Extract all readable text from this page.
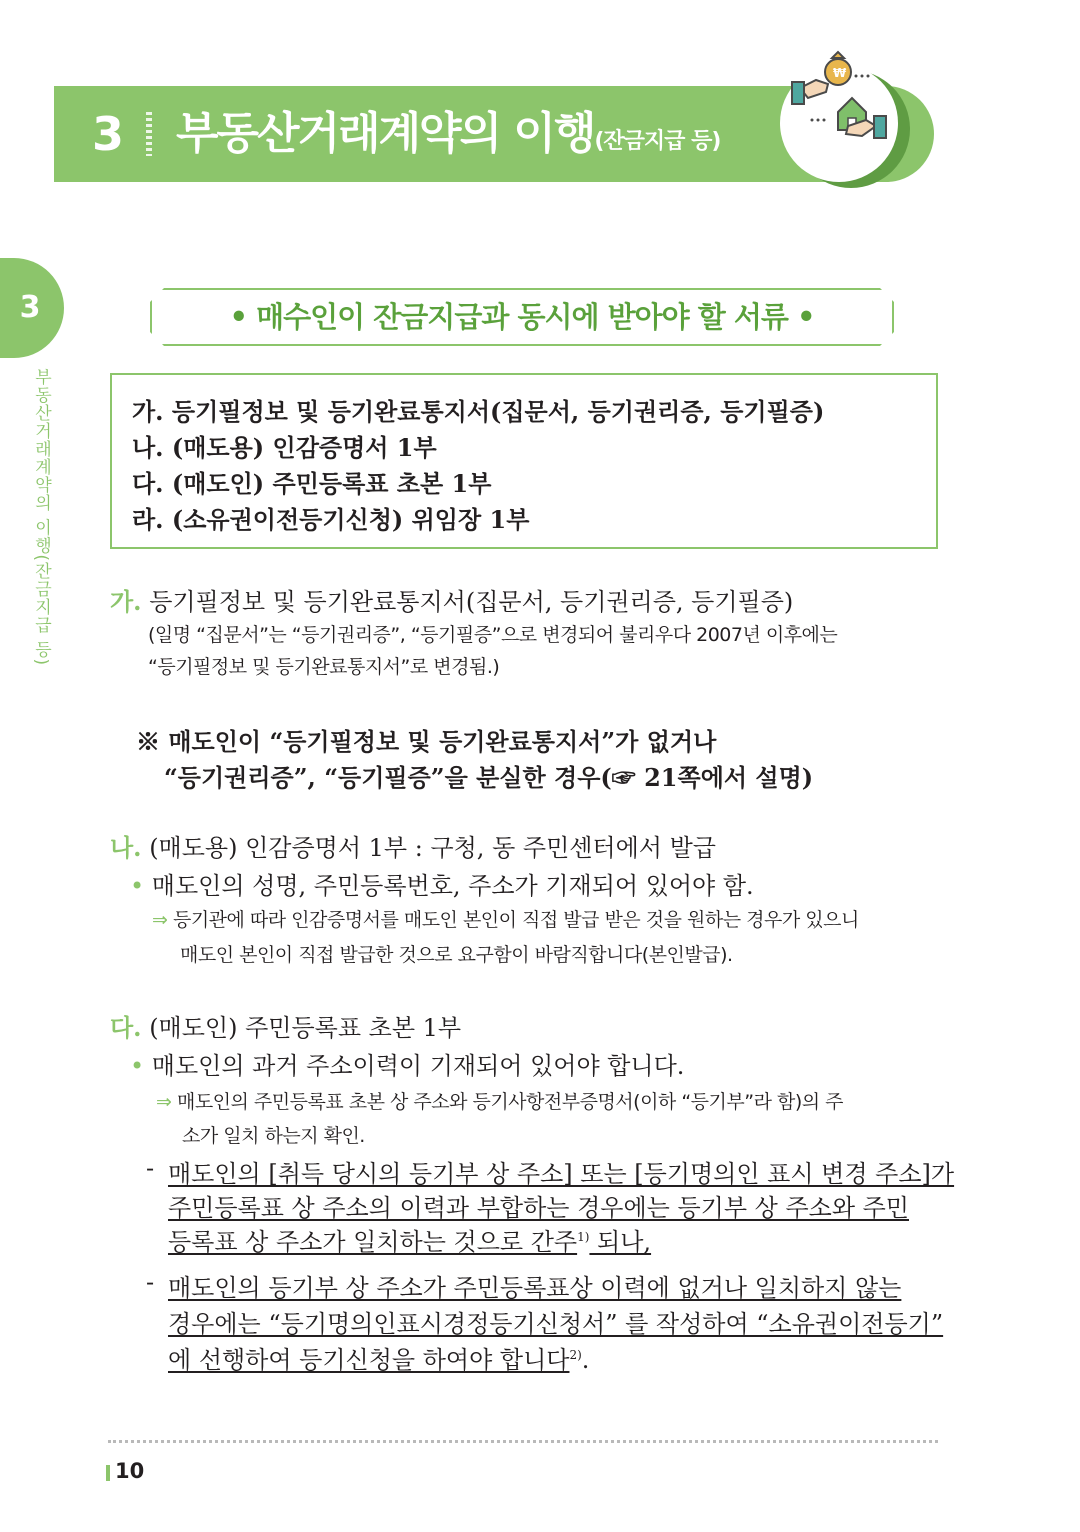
3 부동산거래계약의 이행(잔금지급 등)
₩
3
부동산거래계약의 이행(잔금지급 등)
• 매수인이 잔금지급과 동시에 받아야 할 서류 •
가. 등기필정보 및 등기완료통지서(집문서, 등기권리증, 등기필증)
나. (매도용) 인감증명서 1부
다. (매도인) 주민등록표 초본 1부
라. (소유권이전등기신청) 위임장 1부
가. 등기필정보 및 등기완료통지서(집문서, 등기권리증, 등기필증)
(일명 “집문서”는 “등기권리증”, “등기필증”으로 변경되어 불리우다 2007년 이후에는
“등기필정보 및 등기완료통지서”로 변경됨.)
※ 매도인이 “등기필정보 및 등기완료통지서”가 없거나
“등기권리증”, “등기필증”을 분실한 경우(☞ 21쪽에서 설명)
나. (매도용) 인감증명서 1부 : 구청, 동 주민센터에서 발급
• 매도인의 성명, 주민등록번호, 주소가 기재되어 있어야 함.
⇒ 등기관에 따라 인감증명서를 매도인 본인이 직접 발급 받은 것을 원하는 경우가 있으니
매도인 본인이 직접 발급한 것으로 요구함이 바람직합니다(본인발급).
다. (매도인) 주민등록표 초본 1부
• 매도인의 과거 주소이력이 기재되어 있어야 합니다.
⇒ 매도인의 주민등록표 초본 상 주소와 등기사항전부증명서(이하 “등기부”라 함)의 주
소가 일치 하는지 확인.
- 매도인의 [취득 당시의 등기부 상 주소] 또는 [등기명의인 표시 변경 주소]가
주민등록표 상 주소의 이력과 부합하는 경우에는 등기부 상 주소와 주민
등록표 상 주소가 일치하는 것으로 간주$^{1)}$ 되나,
- 매도인의 등기부 상 주소가 주민등록표상 이력에 없거나 일치하지 않는
경우에는 “등기명의인표시경정등기신청서” 를 작성하여 “소유권이전등기”
에 선행하여 등기신청을 하여야 합니다$^{2)}$.
10
